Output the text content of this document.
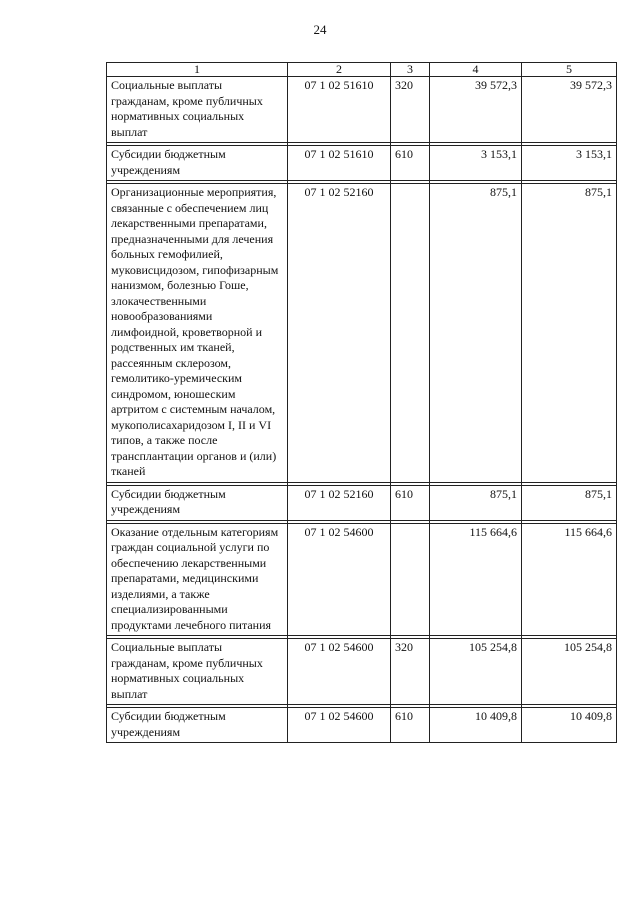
24
1	2	3	4	5
Социальные выплаты гражданам, кроме публичных нормативных социальных выплат	07 1 02 51610	320	39 572,3	39 572,3

Субсидии бюджетным учреждениям	07 1 02 51610	610	3 153,1	3 153,1

Организационные мероприятия, связанные с обеспечением лиц лекарственными препаратами, предназначенными для лечения больных гемофилией, муковисцидозом, гипофизарным нанизмом, болезнью Гоше, злокачественными новообразованиями лимфоидной, кроветворной и родственных им тканей, рассеянным склерозом, гемолитико-уремическим синдромом, юношеским артритом с системным началом, мукополисахаридозом I, II и VI типов, а также после трансплантации органов и (или) тканей	07 1 02 52160		875,1	875,1

Субсидии бюджетным учреждениям	07 1 02 52160	610	875,1	875,1

Оказание отдельным категориям граждан социальной услуги по обеспечению лекарственными препаратами, медицинскими изделиями, а также специализированными продуктами лечебного питания	07 1 02 54600		115 664,6	115 664,6

Социальные выплаты гражданам, кроме публичных нормативных социальных выплат	07 1 02 54600	320	105 254,8	105 254,8

Субсидии бюджетным учреждениям	07 1 02 54600	610	10 409,8	10 409,8
